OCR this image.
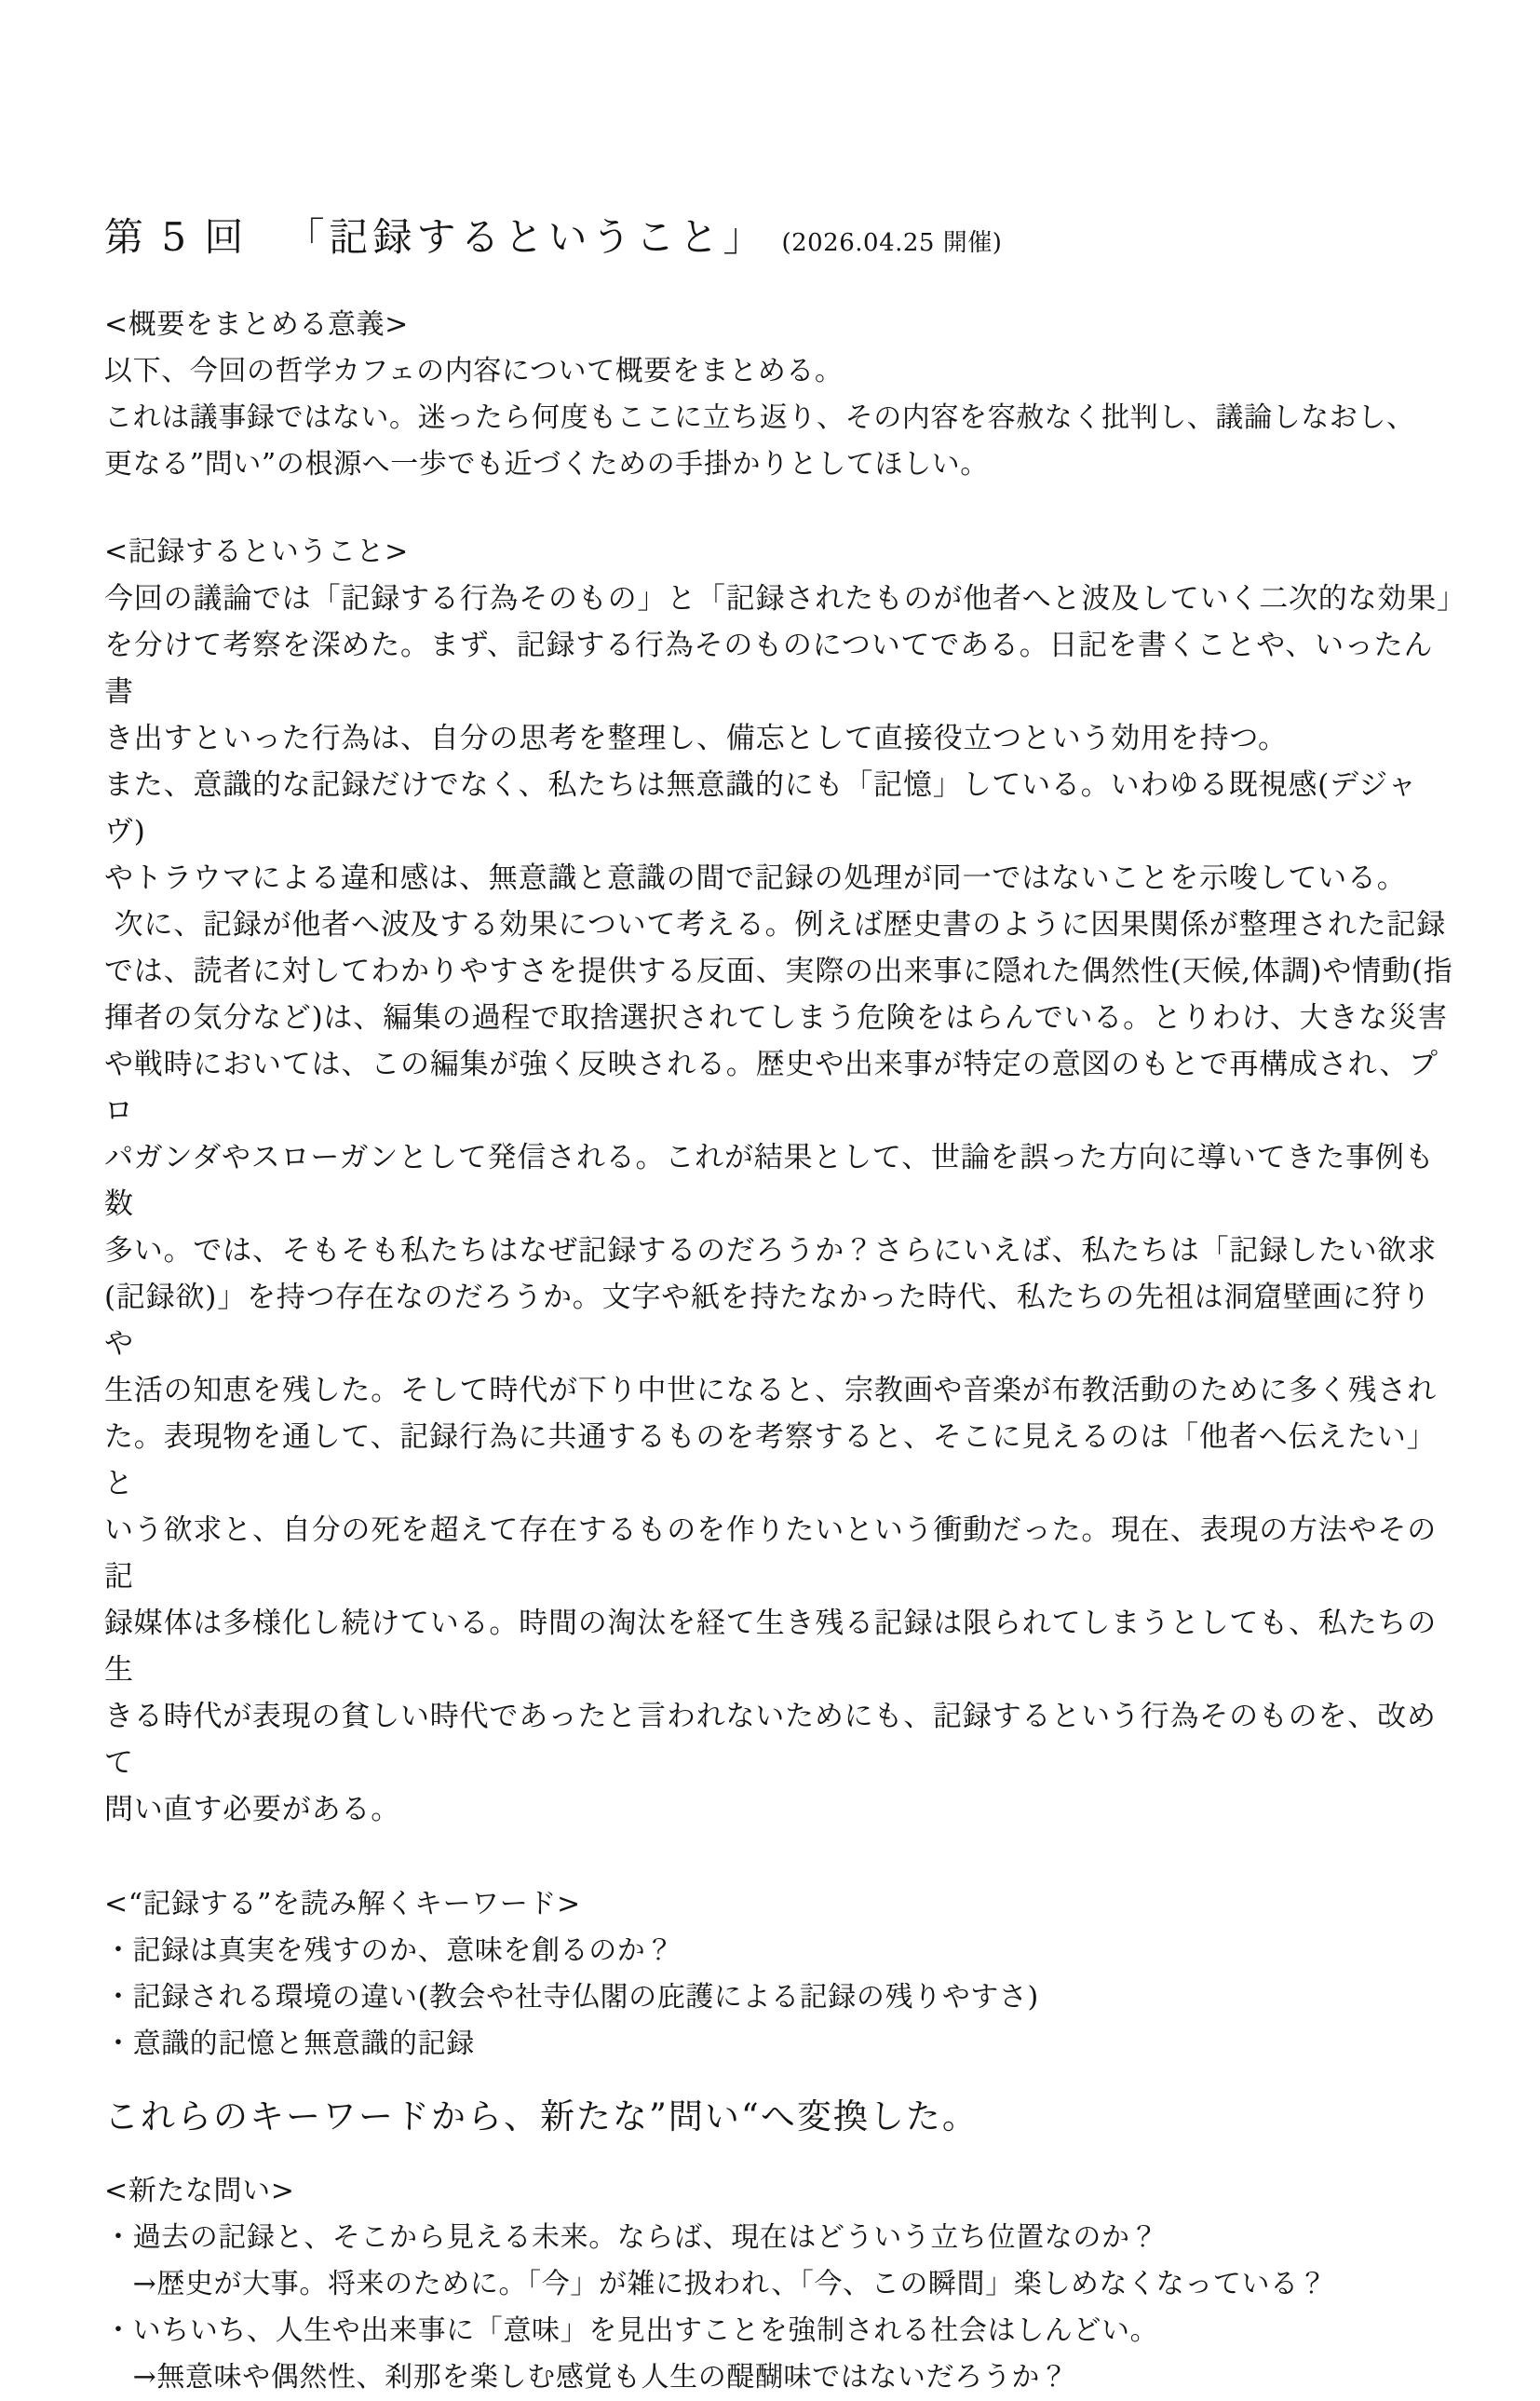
第 5 回 「記録するということ」 (2026.04.25 開催)
<概要をまとめる意義>
以下、今回の哲学カフェの内容について概要をまとめる。
これは議事録ではない。迷ったら何度もここに立ち返り、その内容を容赦なく批判し、議論しなおし、
更なる”問い”の根源へ一歩でも近づくための手掛かりとしてほしい。
<記録するということ>
今回の議論では「記録する行為そのもの」と「記録されたものが他者へと波及していく二次的な効果」
を分けて考察を深めた。まず、記録する行為そのものについてである。日記を書くことや、いったん書
き出すといった行為は、自分の思考を整理し、備忘として直接役立つという効用を持つ。
また、意識的な記録だけでなく、私たちは無意識的にも「記憶」している。いわゆる既視感(デジャヴ)
やトラウマによる違和感は、無意識と意識の間で記録の処理が同一ではないことを示唆している。
次に、記録が他者へ波及する効果について考える。例えば歴史書のように因果関係が整理された記録
では、読者に対してわかりやすさを提供する反面、実際の出来事に隠れた偶然性(天候,体調)や情動(指
揮者の気分など)は、編集の過程で取捨選択されてしまう危険をはらんでいる。とりわけ、大きな災害
や戦時においては、この編集が強く反映される。歴史や出来事が特定の意図のもとで再構成され、プロ
パガンダやスローガンとして発信される。これが結果として、世論を誤った方向に導いてきた事例も数
多い。では、そもそも私たちはなぜ記録するのだろうか？さらにいえば、私たちは「記録したい欲求
(記録欲)」を持つ存在なのだろうか。文字や紙を持たなかった時代、私たちの先祖は洞窟壁画に狩りや
生活の知恵を残した。そして時代が下り中世になると、宗教画や音楽が布教活動のために多く残され
た。表現物を通して、記録行為に共通するものを考察すると、そこに見えるのは「他者へ伝えたい」と
いう欲求と、自分の死を超えて存在するものを作りたいという衝動だった。現在、表現の方法やその記
録媒体は多様化し続けている。時間の淘汰を経て生き残る記録は限られてしまうとしても、私たちの生
きる時代が表現の貧しい時代であったと言われないためにも、記録するという行為そのものを、改めて
問い直す必要がある。
<“記録する”を読み解くキーワード>
・記録は真実を残すのか、意味を創るのか？
・記録される環境の違い(教会や社寺仏閣の庇護による記録の残りやすさ)
・意識的記憶と無意識的記録
これらのキーワードから、新たな”問い“へ変換した。
<新たな問い>
・過去の記録と、そこから見える未来。ならば、現在はどういう立ち位置なのか？
　→歴史が大事。将来のために。「今」が雑に扱われ、「今、この瞬間」楽しめなくなっている？
・いちいち、人生や出来事に「意味」を見出すことを強制される社会はしんどい。
　→無意味や偶然性、刹那を楽しむ感覚も人生の醍醐味ではないだろうか？
